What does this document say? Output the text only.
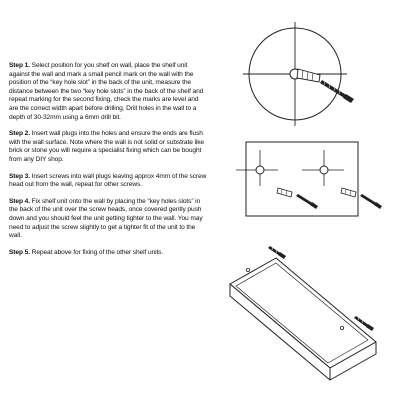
Step 1. Select position for you shelf on wall, place the shelf unit against the wall and mark a small pencil mark on the wall with the position of the “key hole slot” in the back of the unit, measure the distance between the two “key hole slots” in the back of the shelf and repeat marking for the second fixing, check the marks are level and are the correct width apart before drilling. Drill holes in the wall to a depth of 30-32mm using a 6mm drill bit.

Step 2. Insert wall plugs into the holes and ensure the ends are flush with the wall surface. Note where the wall is not solid or substrate like brick or stone you will require a specialist fixing which can be bought from any DIY shop.

Step 3. Insert screws into wall plugs leaving approx 4mm of the screw head out from the wall, repeat for other screws.

Step 4. Fix shelf unit onto the wall by placing the “key holes slots” in the back of the unit over the screw heads, once covered gently push down and you should feel the unit getting tighter to the wall. You may need to adjust the screw slightly to get a tighter fit of the unit to the wall.

Step 5. Repeat above for fixing of the other shelf units.
